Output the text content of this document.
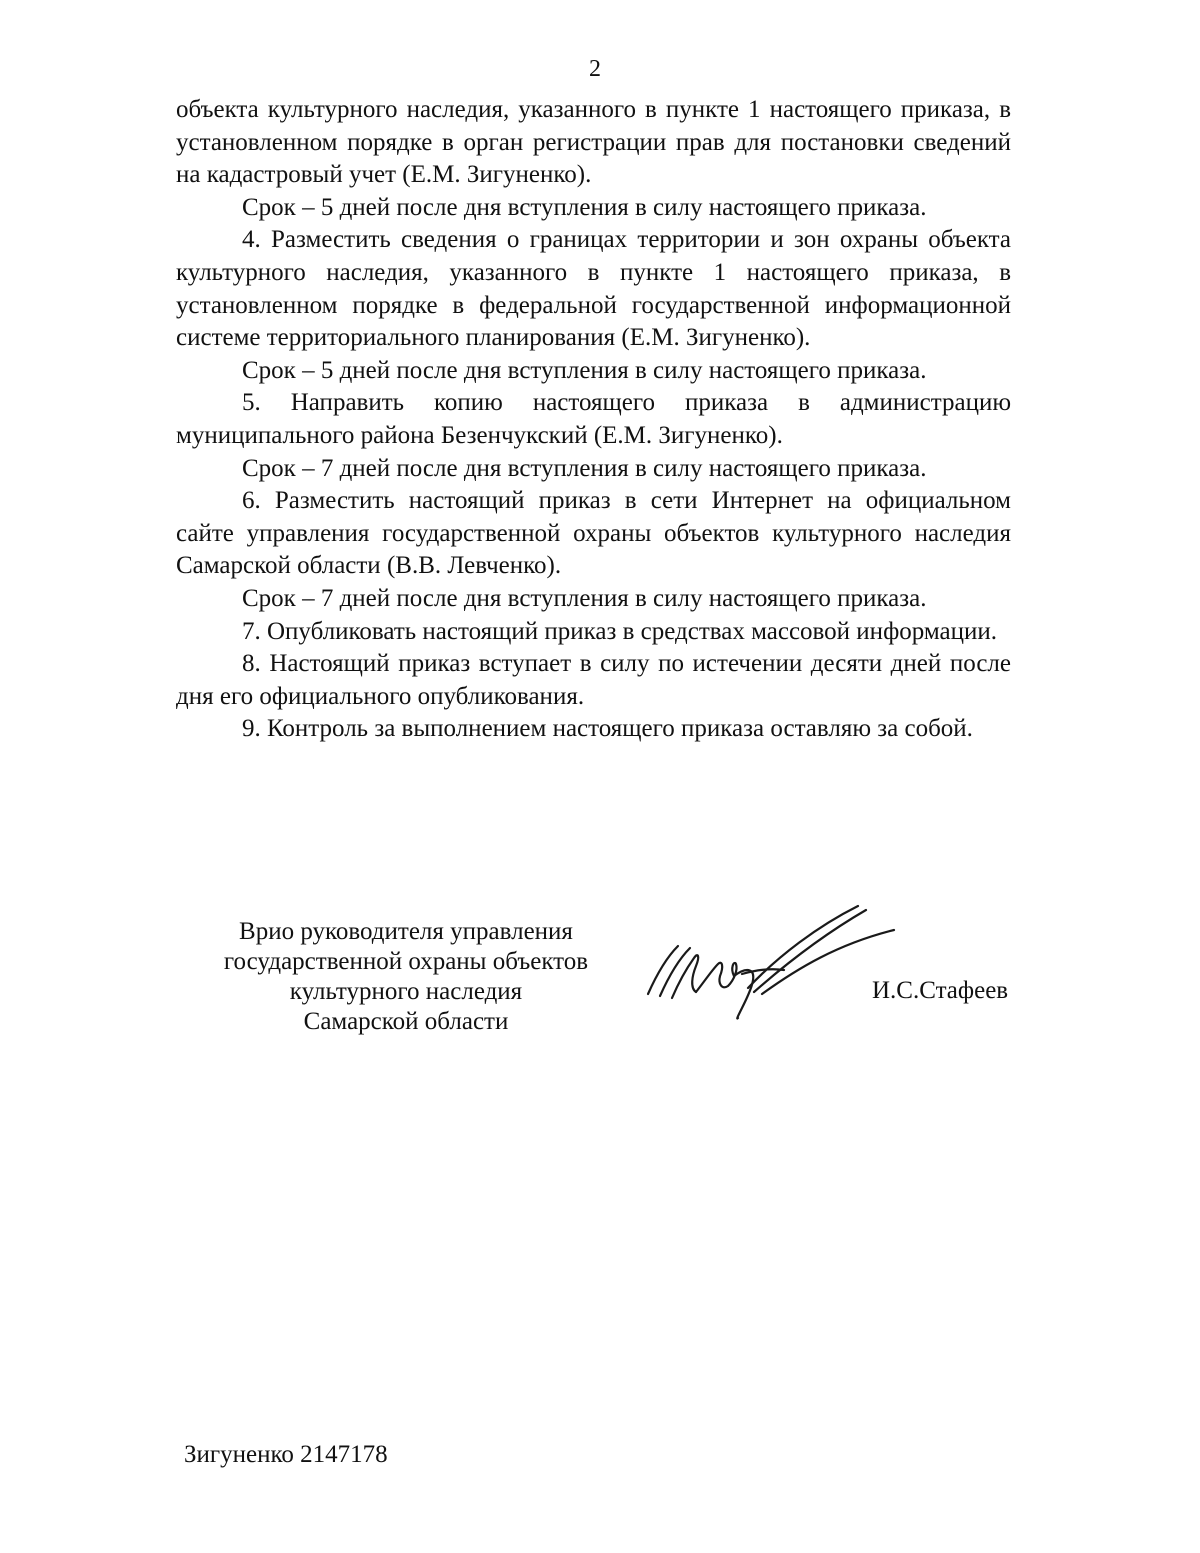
2

объекта культурного наследия, указанного в пункте 1 настоящего приказа, в установленном порядке в орган регистрации прав для постановки сведений на кадастровый учет (Е.М. Зигуненко).

Срок – 5 дней после дня вступления в силу настоящего приказа.

4. Разместить сведения о границах территории и зон охраны объекта культурного наследия, указанного в пункте 1 настоящего приказа, в установленном порядке в федеральной государственной информационной системе территориального планирования (Е.М. Зигуненко).

Срок – 5 дней после дня вступления в силу настоящего приказа.

5. Направить копию настоящего приказа в администрацию муниципального района Безенчукский (Е.М. Зигуненко).

Срок – 7 дней после дня вступления в силу настоящего приказа.

6. Разместить настоящий приказ в сети Интернет на официальном сайте управления государственной охраны объектов культурного наследия Самарской области (В.В. Левченко).

Срок – 7 дней после дня вступления в силу настоящего приказа.

7. Опубликовать настоящий приказ в средствах массовой информации.

8. Настоящий приказ вступает в силу по истечении десяти дней после дня его официального опубликования.

9. Контроль за выполнением настоящего приказа оставляю за собой.

Врио руководителя управления
государственной охраны объектов
культурного наследия
Самарской области
И.С.Стафеев
Зигуненко 2147178
